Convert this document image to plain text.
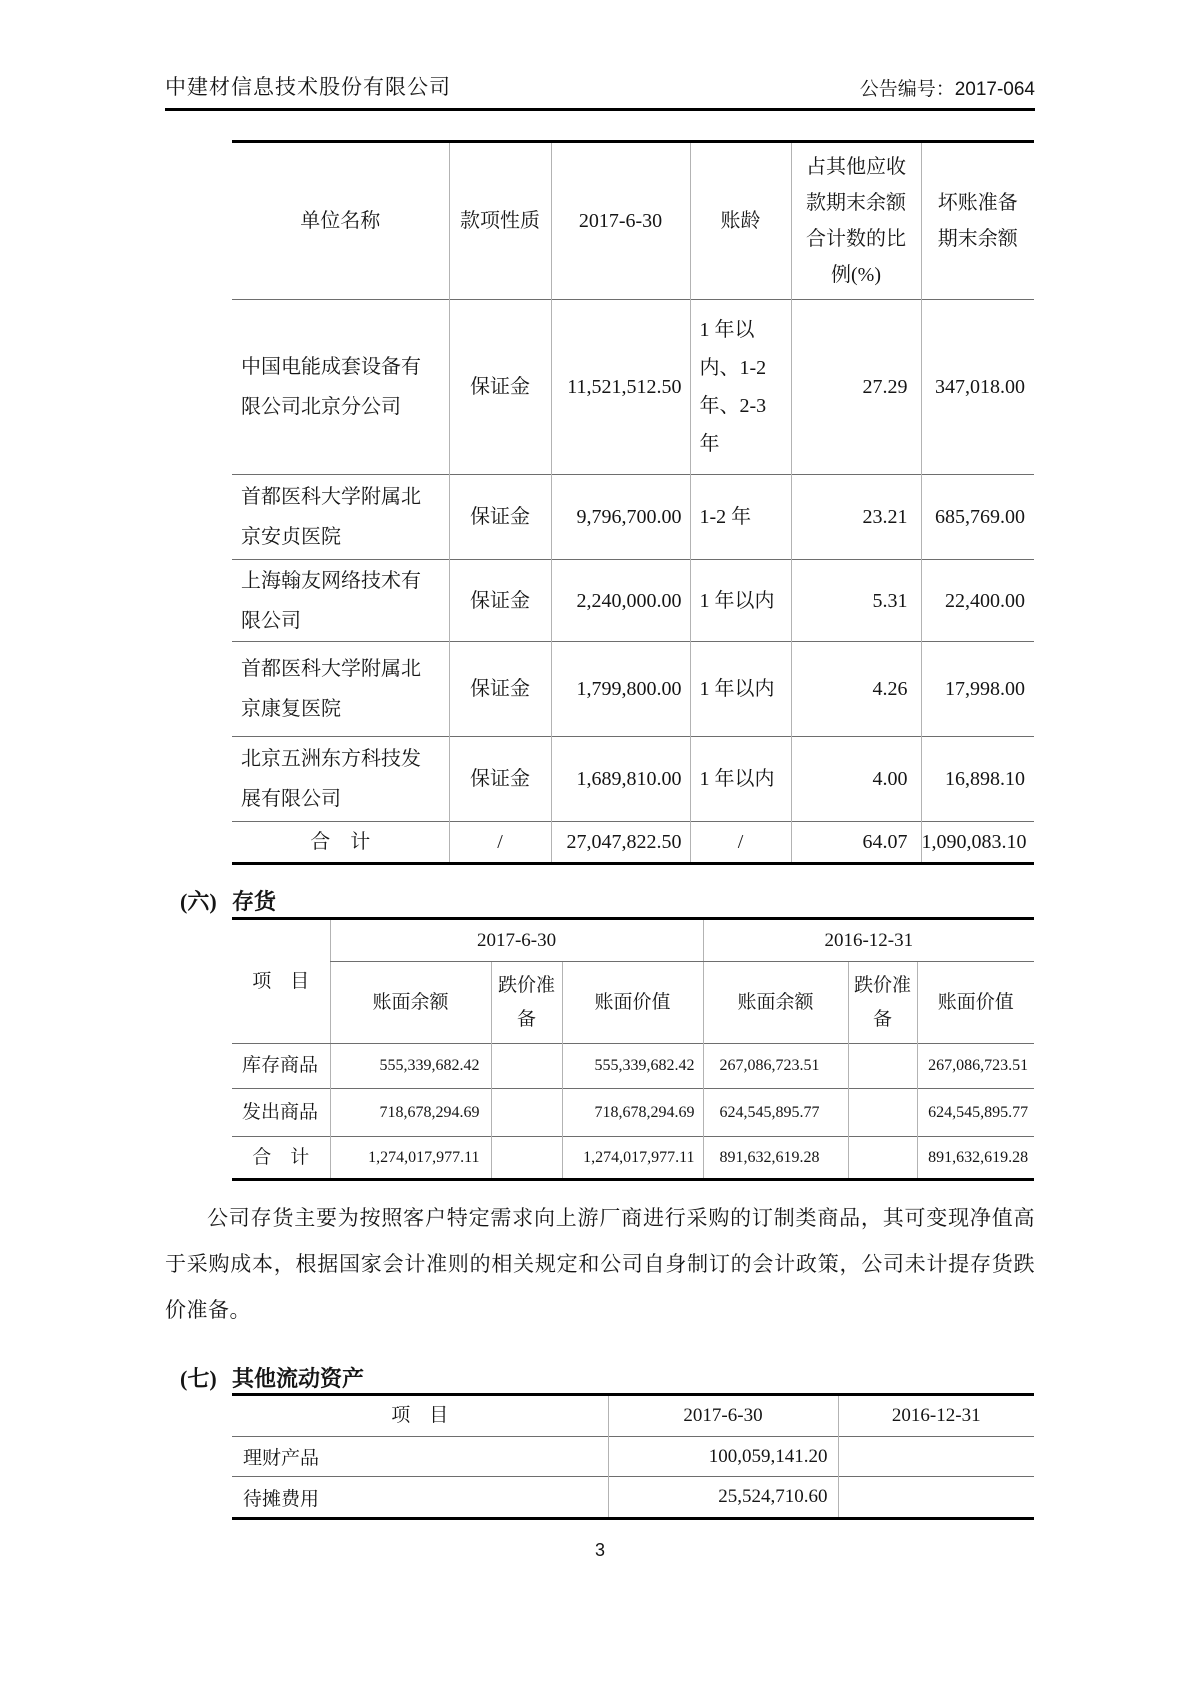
中建材信息技术股份有限公司	公告编号：2017-064
单位名称	款项性质	2017-6-30	账龄	占其他应收款期末余额合计数的比例(%)	坏账准备期末余额
中国电能成套设备有限公司北京分公司	保证金	11,521,512.50	1 年以内、1-2 年、2-3 年	27.29	347,018.00
首都医科大学附属北京安贞医院	保证金	9,796,700.00	1-2 年	23.21	685,769.00
上海翰友网络技术有限公司	保证金	2,240,000.00	1 年以内	5.31	22,400.00
首都医科大学附属北京康复医院	保证金	1,799,800.00	1 年以内	4.26	17,998.00
北京五洲东方科技发展有限公司	保证金	1,689,810.00	1 年以内	4.00	16,898.10
合　计	/	27,047,822.50	/	64.07	1,090,083.10
(六) 存货
项　目	2017-6-30			2016-12-31		
	账面余额	跌价准备	账面价值	账面余额	跌价准备	账面价值
库存商品	555,339,682.42		555,339,682.42	267,086,723.51		267,086,723.51
发出商品	718,678,294.69		718,678,294.69	624,545,895.77		624,545,895.77
合　计	1,274,017,977.11		1,274,017,977.11	891,632,619.28		891,632,619.28

公司存货主要为按照客户特定需求向上游厂商进行采购的订制类商品，其可变现净值高于采购成本，根据国家会计准则的相关规定和公司自身制订的会计政策，公司未计提存货跌价准备。

(七) 其他流动资产
项　目	2017-6-30	2016-12-31
理财产品	100,059,141.20	
待摊费用	25,524,710.60	
3
